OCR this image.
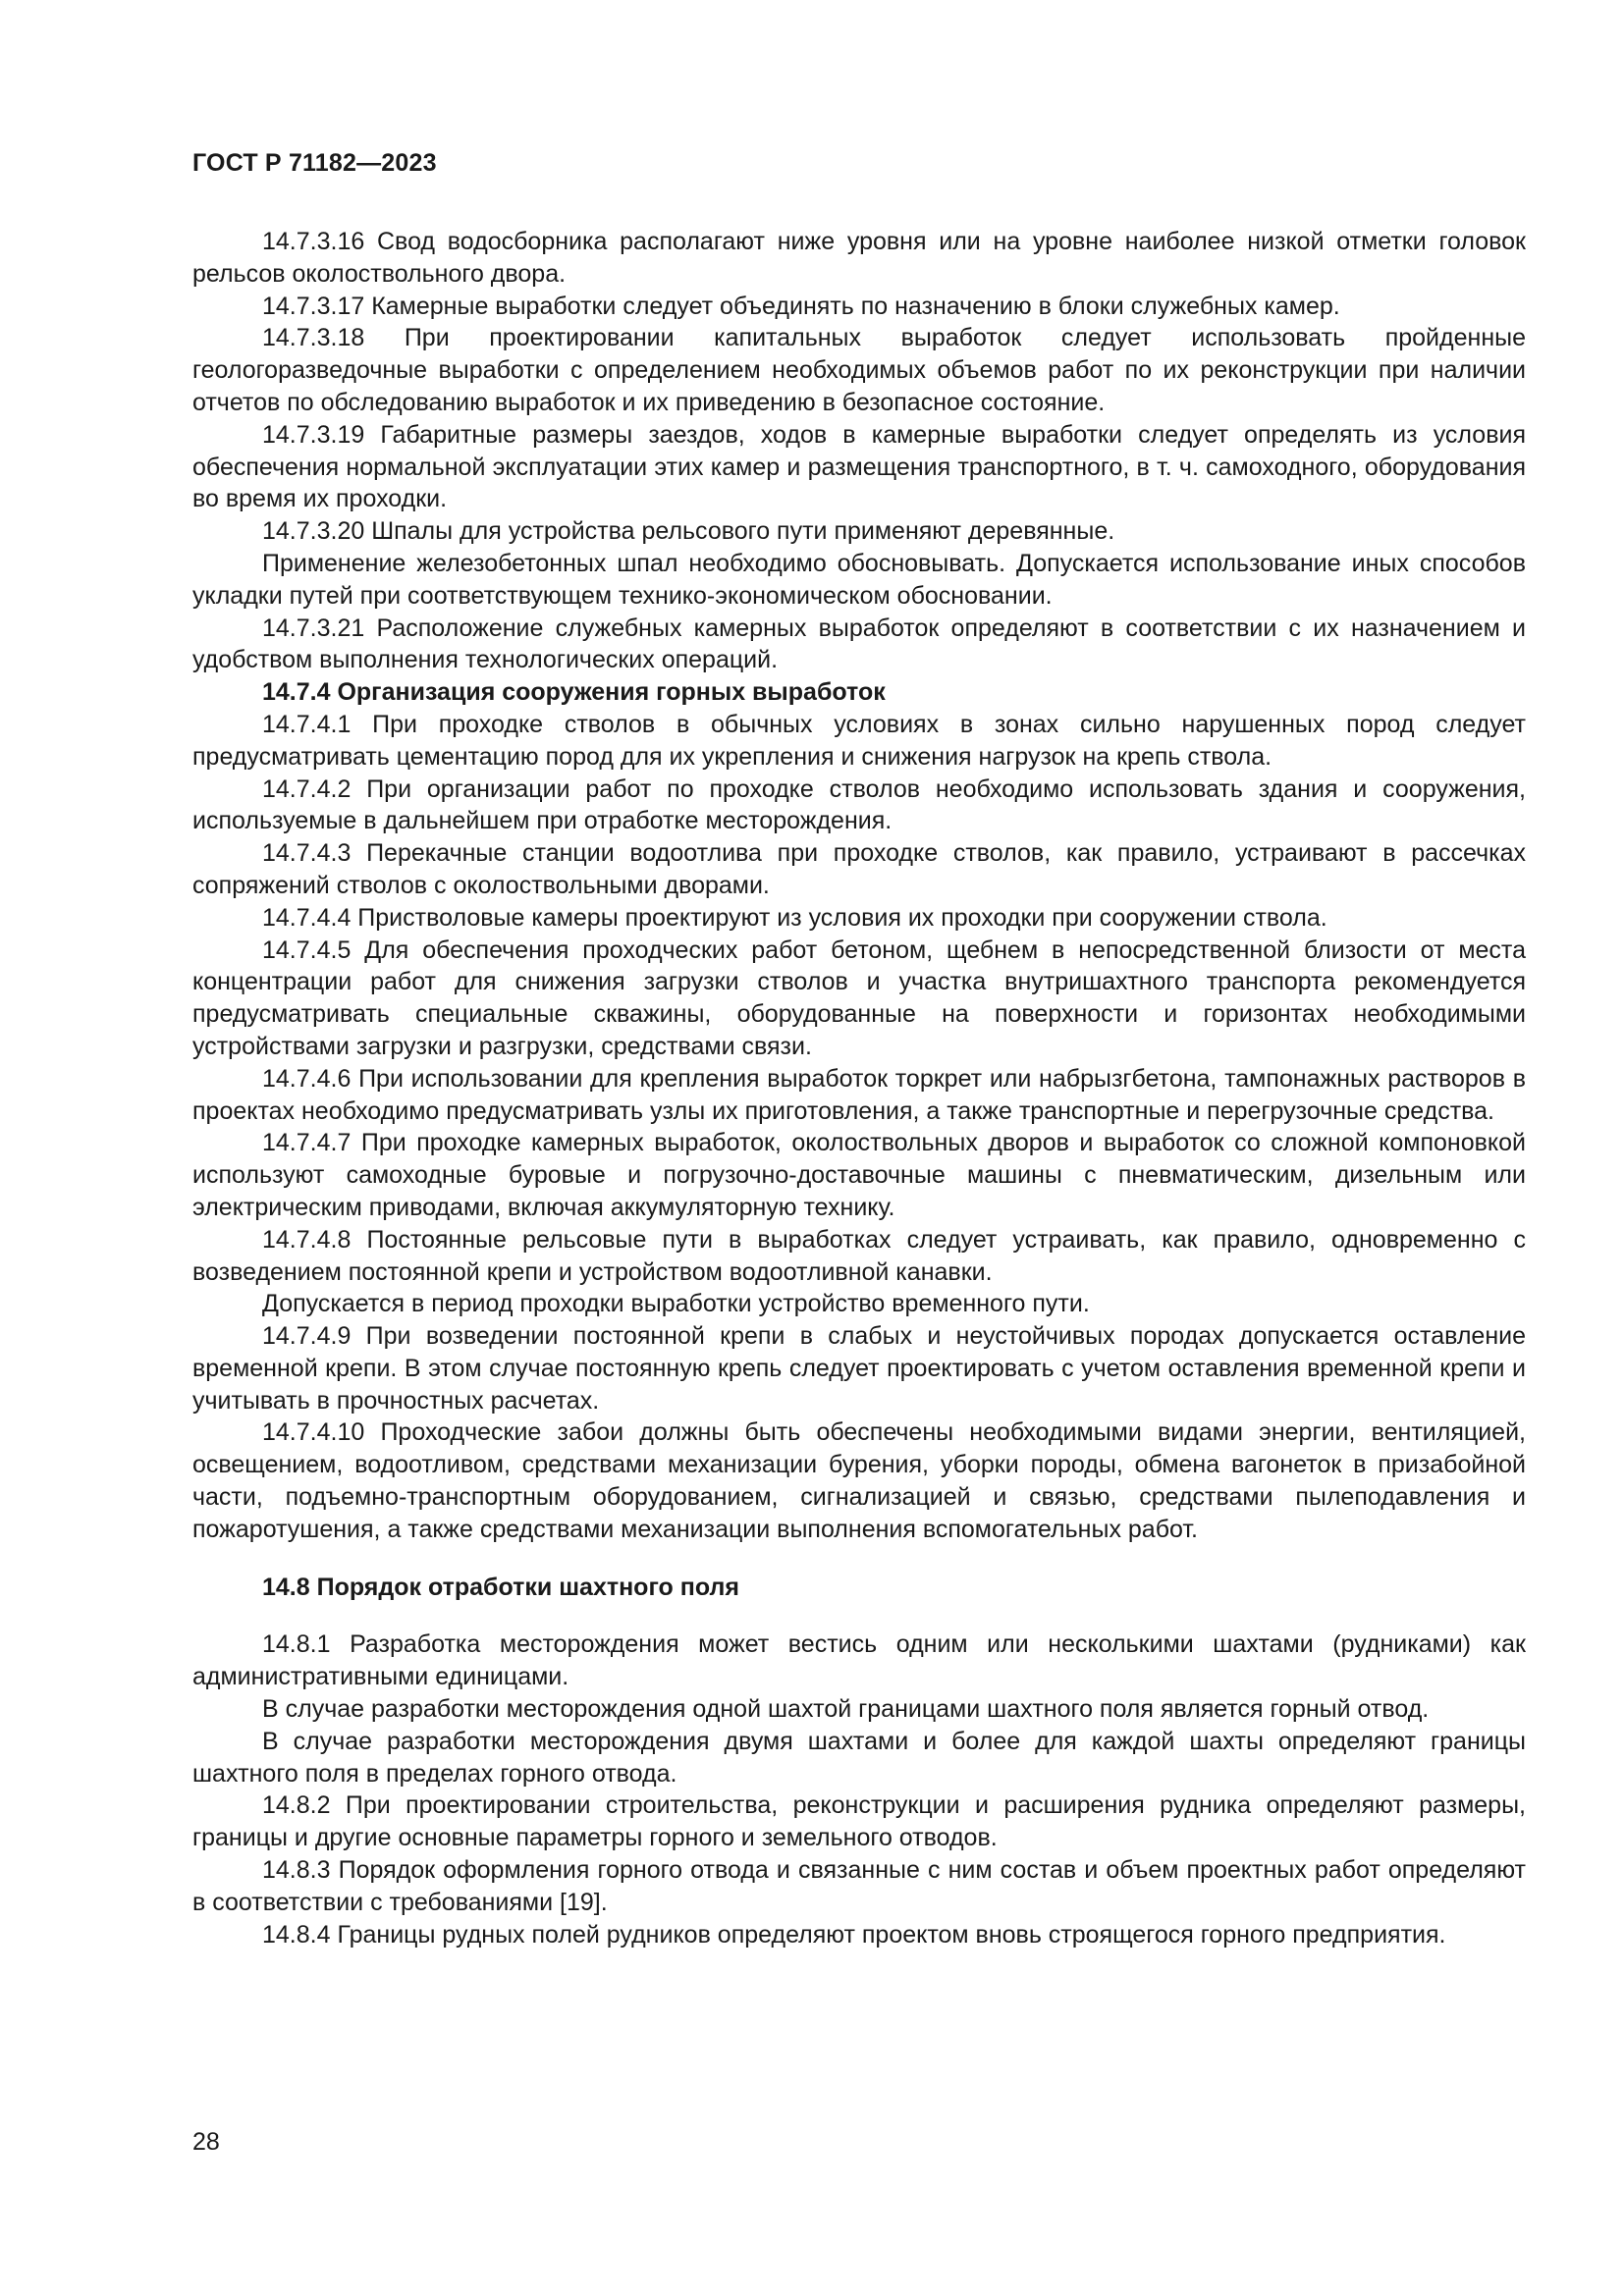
ГОСТ Р 71182—2023

14.7.3.16 Свод водосборника располагают ниже уровня или на уровне наиболее низкой отметки головок рельсов околоствольного двора.

14.7.3.17 Камерные выработки следует объединять по назначению в блоки служебных камер.

14.7.3.18 При проектировании капитальных выработок следует использовать пройденные геологоразведочные выработки с определением необходимых объемов работ по их реконструкции при наличии отчетов по обследованию выработок и их приведению в безопасное состояние.

14.7.3.19 Габаритные размеры заездов, ходов в камерные выработки следует определять из условия обеспечения нормальной эксплуатации этих камер и размещения транспортного, в т. ч. самоходного, оборудования во время их проходки.

14.7.3.20 Шпалы для устройства рельсового пути применяют деревянные.

Применение железобетонных шпал необходимо обосновывать. Допускается использование иных способов укладки путей при соответствующем технико-экономическом обосновании.

14.7.3.21 Расположение служебных камерных выработок определяют в соответствии с их назначением и удобством выполнения технологических операций.

14.7.4 Организация сооружения горных выработок

14.7.4.1 При проходке стволов в обычных условиях в зонах сильно нарушенных пород следует предусматривать цементацию пород для их укрепления и снижения нагрузок на крепь ствола.

14.7.4.2 При организации работ по проходке стволов необходимо использовать здания и сооружения, используемые в дальнейшем при отработке месторождения.

14.7.4.3 Перекачные станции водоотлива при проходке стволов, как правило, устраивают в рассечках сопряжений стволов с околоствольными дворами.

14.7.4.4 Пристволовые камеры проектируют из условия их проходки при сооружении ствола.

14.7.4.5 Для обеспечения проходческих работ бетоном, щебнем в непосредственной близости от места концентрации работ для снижения загрузки стволов и участка внутришахтного транспорта рекомендуется предусматривать специальные скважины, оборудованные на поверхности и горизонтах необходимыми устройствами загрузки и разгрузки, средствами связи.

14.7.4.6 При использовании для крепления выработок торкрет или набрызгбетона, тампонажных растворов в проектах необходимо предусматривать узлы их приготовления, а также транспортные и перегрузочные средства.

14.7.4.7 При проходке камерных выработок, околоствольных дворов и выработок со сложной компоновкой используют самоходные буровые и погрузочно-доставочные машины с пневматическим, дизельным или электрическим приводами, включая аккумуляторную технику.

14.7.4.8 Постоянные рельсовые пути в выработках следует устраивать, как правило, одновременно с возведением постоянной крепи и устройством водоотливной канавки.

Допускается в период проходки выработки устройство временного пути.

14.7.4.9 При возведении постоянной крепи в слабых и неустойчивых породах допускается оставление временной крепи. В этом случае постоянную крепь следует проектировать с учетом оставления временной крепи и учитывать в прочностных расчетах.

14.7.4.10 Проходческие забои должны быть обеспечены необходимыми видами энергии, вентиляцией, освещением, водоотливом, средствами механизации бурения, уборки породы, обмена вагонеток в призабойной части, подъемно-транспортным оборудованием, сигнализацией и связью, средствами пылеподавления и пожаротушения, а также средствами механизации выполнения вспомогательных работ.

14.8 Порядок отработки шахтного поля

14.8.1 Разработка месторождения может вестись одним или несколькими шахтами (рудниками) как административными единицами.

В случае разработки месторождения одной шахтой границами шахтного поля является горный отвод.

В случае разработки месторождения двумя шахтами и более для каждой шахты определяют границы шахтного поля в пределах горного отвода.

14.8.2 При проектировании строительства, реконструкции и расширения рудника определяют размеры, границы и другие основные параметры горного и земельного отводов.

14.8.3 Порядок оформления горного отвода и связанные с ним состав и объем проектных работ определяют в соответствии с требованиями [19].

14.8.4 Границы рудных полей рудников определяют проектом вновь строящегося горного предприятия.

28
